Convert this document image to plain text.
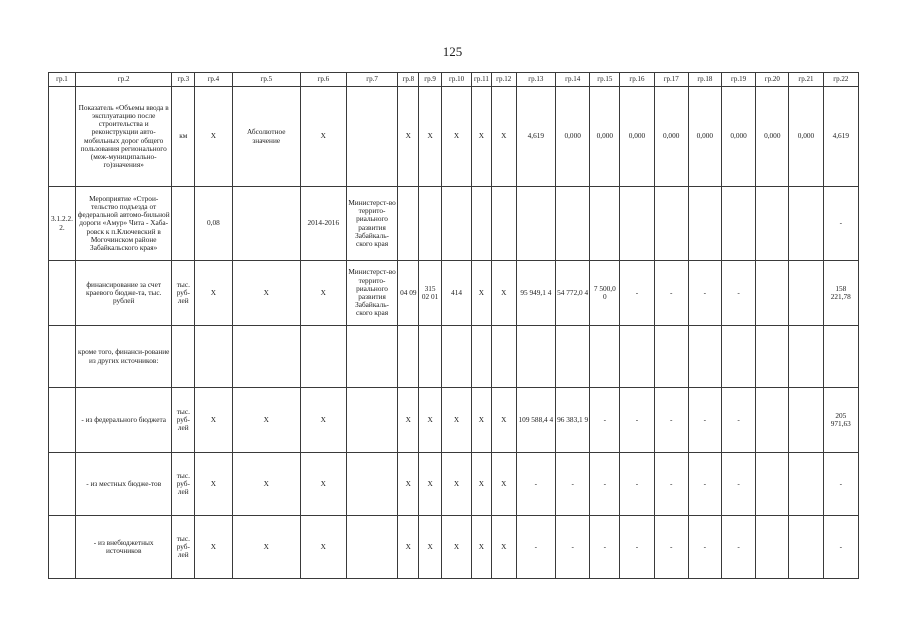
125
гр.1	гр.2	гр.3	гр.4	гр.5	гр.6	гр.7	гр.8	гр.9	гр.10	гр.11	гр.12	гр.13	гр.14	гр.15	гр.16	гр.17	гр.18	гр.19	гр.20	гр.21	гр.22
	Показатель «Объемы ввода в эксплуатацию после строительства и реконструкции авто-мобильных дорог общего пользования регионального (меж-муниципально-го)значения»	км	X	Абсолютное значение	X		X	X	X	X	X	4,619	0,000	0,000	0,000	0,000	0,000	0,000	0,000	0,000	4,619
3.1.2.2.2.	Мероприятие «Строи-тельство подъезда от федеральной автомо-бильной дороги «Амур» Чита - Хаба-ровск к п.Ключевский в Могочинском районе Забайкальского края»		0,08		2014-2016	Министерст-во террито-риального развития Забайкаль-ского края															-
	финансирование за счет краевого бюдже-та, тыс. рублей	тыс. руб-лей	X	X	X	Министерст-во террито-риального развития Забайкаль-ского края	04 09	315 02 01	414	X	X	95 949,1 4	54 772,0 4	7 500,0 0	-	-	-	-			158 221,78
	кроме того, финанси-рование из других источников:																				
	- из федерального бюджета	тыс. руб-лей	X	X	X		X	X	X	X	X	109 588,4 4	96 383,1 9	-	-	-	-	-			205 971,63
	- из местных бюдже-тов	тыс. руб-лей	X	X	X		X	X	X	X	X	-	-	-	-	-	-	-			-
	- из внебюджетных источников	тыс. руб-лей	X	X	X		X	X	X	X	X	-	-	-	-	-	-	-			-
